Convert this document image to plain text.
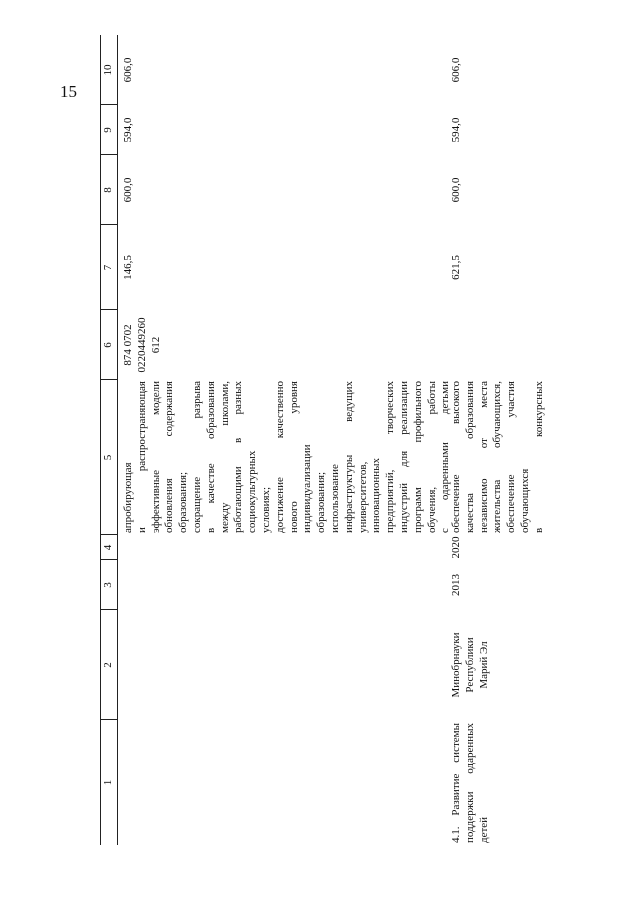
15
1
2
3
4
5
6
7
8
9
10
апробирующая и распространяющая эффективные модели обновления содержания образования; сокращение разрыва в качестве образования между школами, работающими в разных социокультурных условиях; достижение качественно нового уровня индивидуализации образования; использование инфраструктуры ведущих университетов, инновационных предприятий, творческих индустрий для реализации программ профильного обучения, работы с одаренными детьми
874 0702 0220449260 612
146,5
600,0
594,0
606,0
4.1. Развитие системы поддержки одаренных детей
Минобрнауки Республики Марий Эл
2013
2020
обеспечение высокого качества образования независимо от места жительства обучающихся, обеспечение участия обучающихся в конкурсных
621,5
600,0
594,0
606,0
